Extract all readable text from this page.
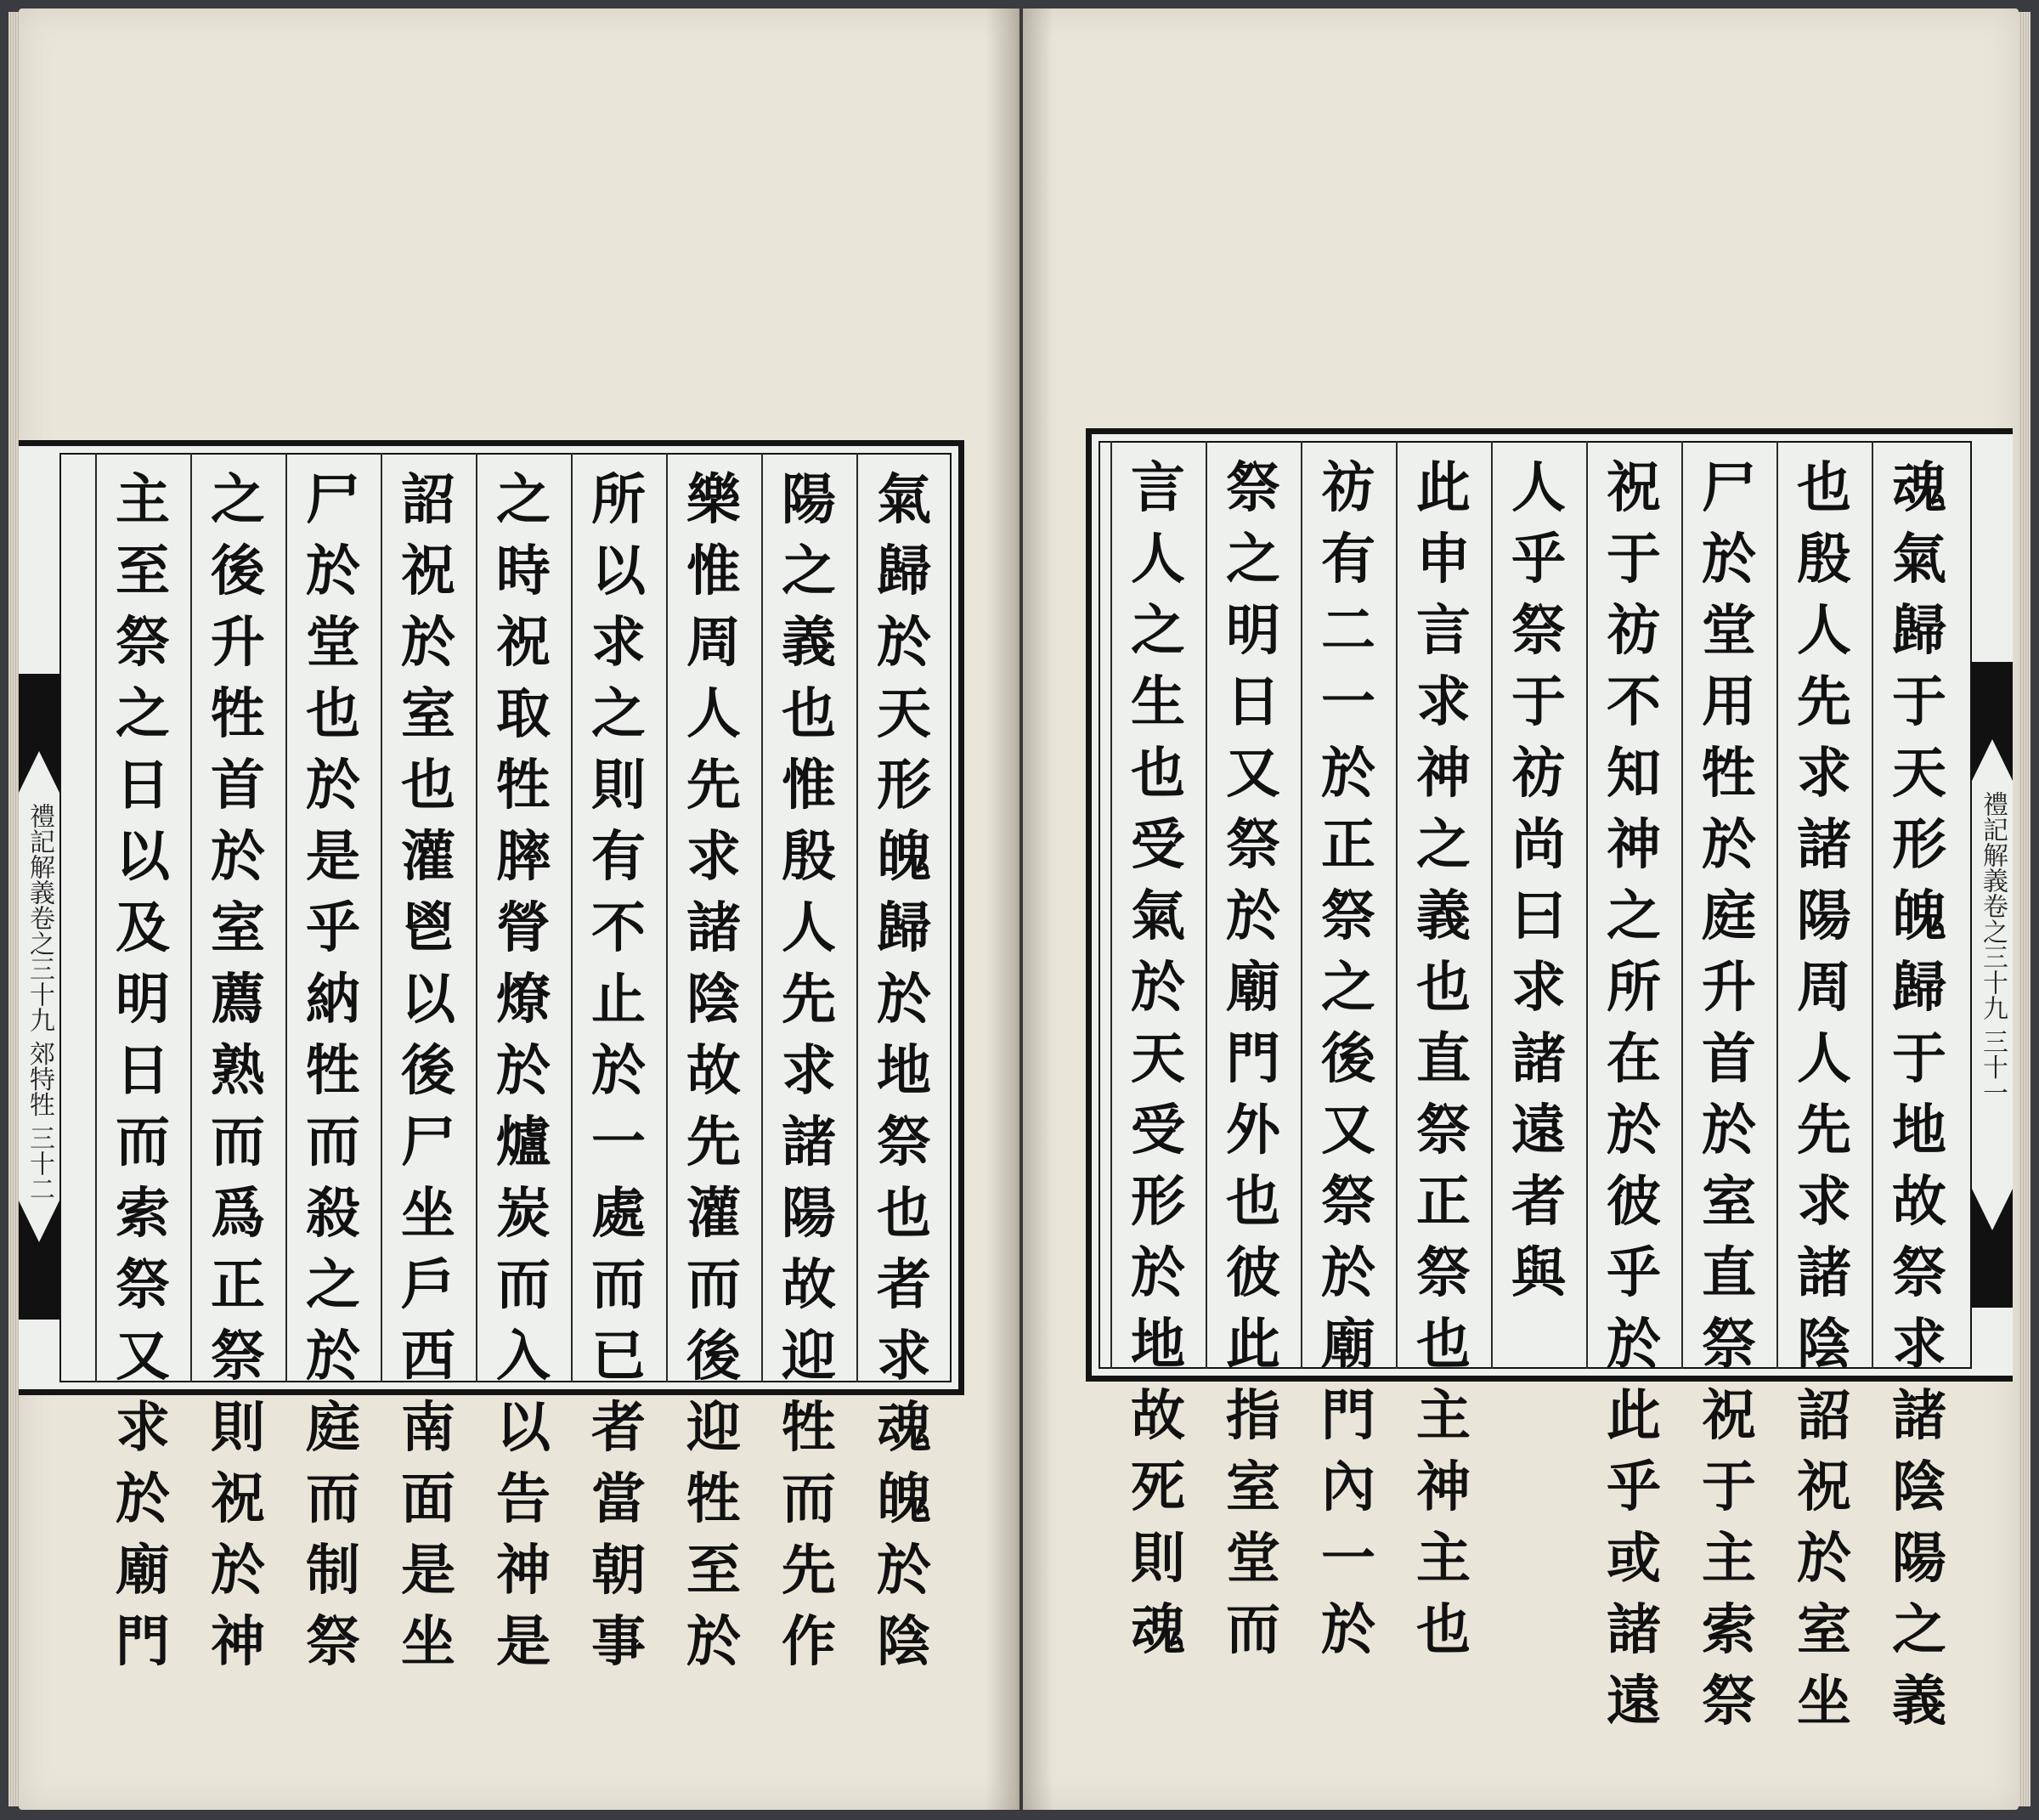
禮記解義卷之三十九 郊特牲 三十二
氣
歸
於
天
形
魄
歸
於
地
祭
也
者
求
魂
魄
於
陰
陽
之
義
也
惟
殷
人
先
求
諸
陽
故
迎
牲
而
先
作
樂
惟
周
人
先
求
諸
陰
故
先
灌
而
後
迎
牲
至
於
所
以
求
之
則
有
不
止
於
一
處
而
已
者
當
朝
事
之
時
祝
取
牲
膟
膋
燎
於
爐
炭
而
入
以
告
神
是
詔
祝
於
室
也
灌
鬯
以
後
尸
坐
戶
西
南
面
是
坐
尸
於
堂
也
於
是
乎
納
牲
而
殺
之
於
庭
而
制
祭
之
後
升
牲
首
於
室
薦
熟
而
爲
正
祭
則
祝
於
神
主
至
祭
之
日
以
及
明
日
而
索
祭
又
求
於
廟
門
禮記解義卷之三十九 三十一
魂
氣
歸
于
天
形
魄
歸
于
地
故
祭
求
諸
陰
陽
之
義
也
殷
人
先
求
諸
陽
周
人
先
求
諸
陰
詔
祝
於
室
坐
尸
於
堂
用
牲
於
庭
升
首
於
室
直
祭
祝
于
主
索
祭
祝
于
祊
不
知
神
之
所
在
於
彼
乎
於
此
乎
或
諸
遠
人
乎
祭
于
祊
尚
曰
求
諸
遠
者
與
此
申
言
求
神
之
義
也
直
祭
正
祭
也
主
神
主
也
祊
有
二
一
於
正
祭
之
後
又
祭
於
廟
門
內
一
於
祭
之
明
日
又
祭
於
廟
門
外
也
彼
此
指
室
堂
而
言
人
之
生
也
受
氣
於
天
受
形
於
地
故
死
則
魂
